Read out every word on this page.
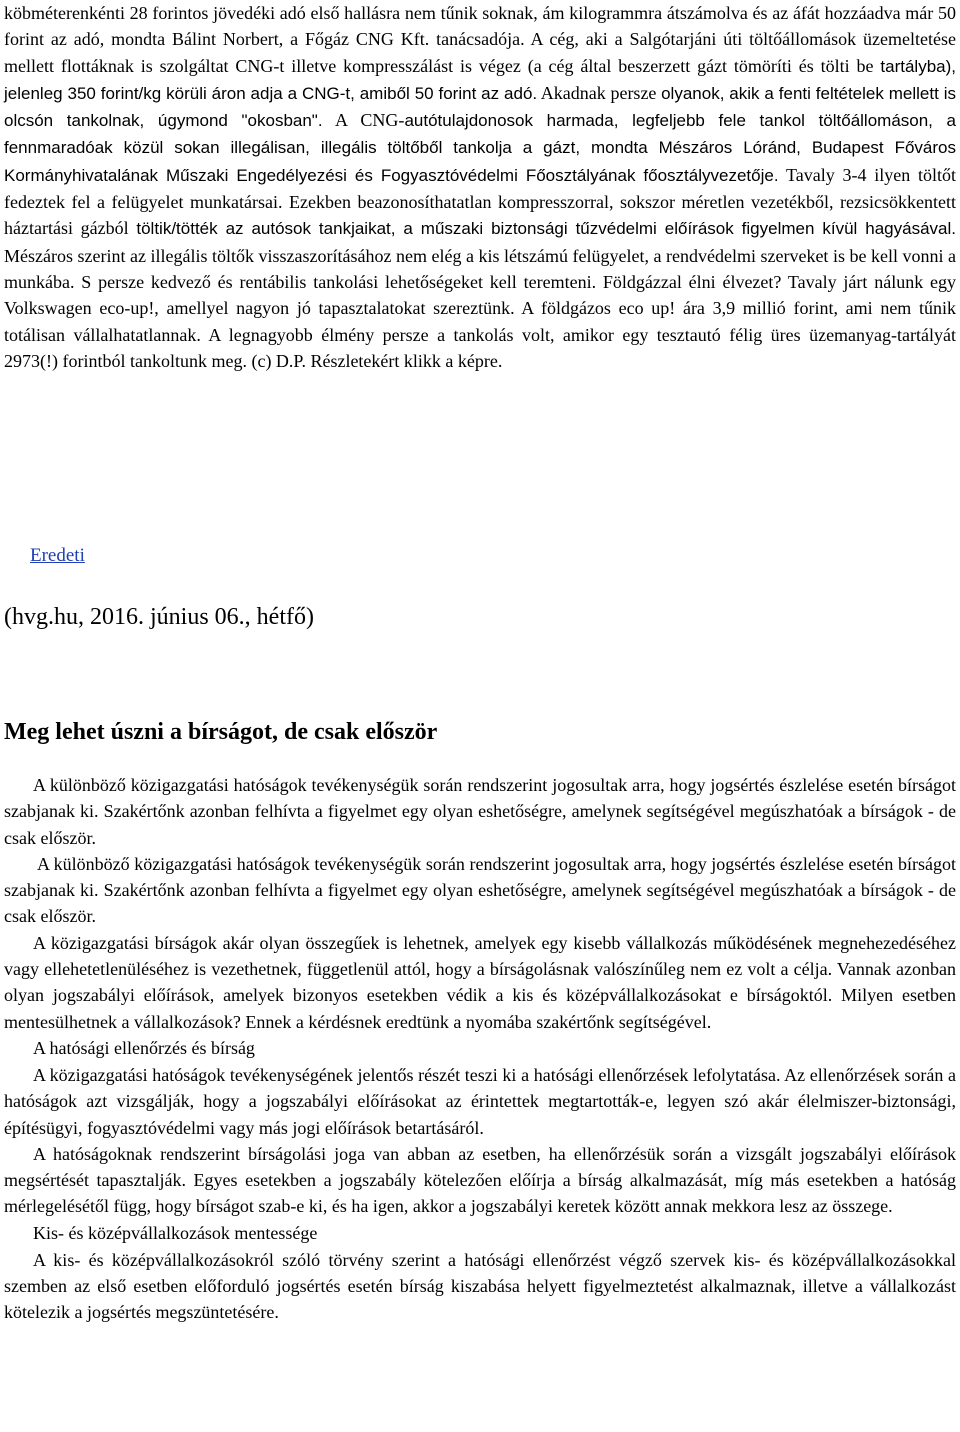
köbméterenkénti 28 forintos jövedéki adó első hallásra nem tűnik soknak, ám kilogrammra átszámolva és az áfát hozzáadva már 50 forint az adó, mondta Bálint Norbert, a Főgáz CNG Kft. tanácsadója. A cég, aki a Salgótarjáni úti töltőállomások üzemeltetése mellett flottáknak is szolgáltat CNG-t illetve kompresszálást is végez (a cég által beszerzett gázt tömöríti és tölti be tartályba), jelenleg 350 forint/kg körüli áron adja a CNG-t, amiből 50 forint az adó. Akadnak persze olyanok, akik a fenti feltételek mellett is olcsón tankolnak, úgymond "okosban". A CNG-autótulajdonosok harmada, legfeljebb fele tankol töltőállomáson, a fennmaradóak közül sokan illegálisan, illegális töltőből tankolja a gázt, mondta Mészáros Lóránd, Budapest Főváros Kormányhivatalának Műszaki Engedélyezési és Fogyasztóvédelmi Főosztályának főosztályvezetője. Tavaly 3-4 ilyen töltőt fedeztek fel a felügyelet munkatársai. Ezekben beazonosíthatatlan kompresszorral, sokszor méretlen vezetékből, rezsicsökkentett háztartási gázból töltik/tötték az autósok tankjaikat, a műszaki biztonsági tűzvédelmi előírások figyelmen kívül hagyásával. Mészáros szerint az illegális töltők visszaszorításához nem elég a kis létszámú felügyelet, a rendvédelmi szerveket is be kell vonni a munkába. S persze kedvező és rentábilis tankolási lehetőségeket kell teremteni. Földgázzal élni élvezet? Tavaly járt nálunk egy Volkswagen eco-up!, amellyel nagyon jó tapasztalatokat szereztünk. A földgázos eco up! ára 3,9 millió forint, ami nem tűnik totálisan vállalhatatlannak. A legnagyobb élmény persze a tankolás volt, amikor egy tesztautó félig üres üzemanyag-tartályát 2973(!) forintból tankoltunk meg. (c) D.P. Részletekért klikk a képre.

Eredeti
(hvg.hu, 2016. június 06., hétfő)
Meg lehet úszni a bírságot, de csak először

A különböző közigazgatási hatóságok tevékenységük során rendszerint jogosultak arra, hogy jogsértés észlelése esetén bírságot szabjanak ki. Szakértőnk azonban felhívta a figyelmet egy olyan eshetőségre, amelynek segítségével megúszhatóak a bírságok - de csak először.

A különböző közigazgatási hatóságok tevékenységük során rendszerint jogosultak arra, hogy jogsértés észlelése esetén bírságot szabjanak ki. Szakértőnk azonban felhívta a figyelmet egy olyan eshetőségre, amelynek segítségével megúszhatóak a bírságok - de csak először.

A közigazgatási bírságok akár olyan összegűek is lehetnek, amelyek egy kisebb vállalkozás működésének megnehezedéséhez vagy ellehetetlenüléséhez is vezethetnek, függetlenül attól, hogy a bírságolásnak valószínűleg nem ez volt a célja. Vannak azonban olyan jogszabályi előírások, amelyek bizonyos esetekben védik a kis és középvállalkozásokat e bírságoktól. Milyen esetben mentesülhetnek a vállalkozások? Ennek a kérdésnek eredtünk a nyomába szakértőnk segítségével.

A hatósági ellenőrzés és bírság

A közigazgatási hatóságok tevékenységének jelentős részét teszi ki a hatósági ellenőrzések lefolytatása. Az ellenőrzések során a hatóságok azt vizsgálják, hogy a jogszabályi előírásokat az érintettek megtartották-e, legyen szó akár élelmiszer-biztonsági, építésügyi, fogyasztóvédelmi vagy más jogi előírások betartásáról.

A hatóságoknak rendszerint bírságolási joga van abban az esetben, ha ellenőrzésük során a vizsgált jogszabályi előírások megsértését tapasztalják. Egyes esetekben a jogszabály kötelezően előírja a bírság alkalmazását, míg más esetekben a hatóság mérlegelésétől függ, hogy bírságot szab-e ki, és ha igen, akkor a jogszabályi keretek között annak mekkora lesz az összege.

Kis- és középvállalkozások mentessége

A kis- és középvállalkozásokról szóló törvény szerint a hatósági ellenőrzést végző szervek kis- és középvállalkozásokkal szemben az első esetben előforduló jogsértés esetén bírság kiszabása helyett figyelmeztetést alkalmaznak, illetve a vállalkozást kötelezik a jogsértés megszüntetésére.
